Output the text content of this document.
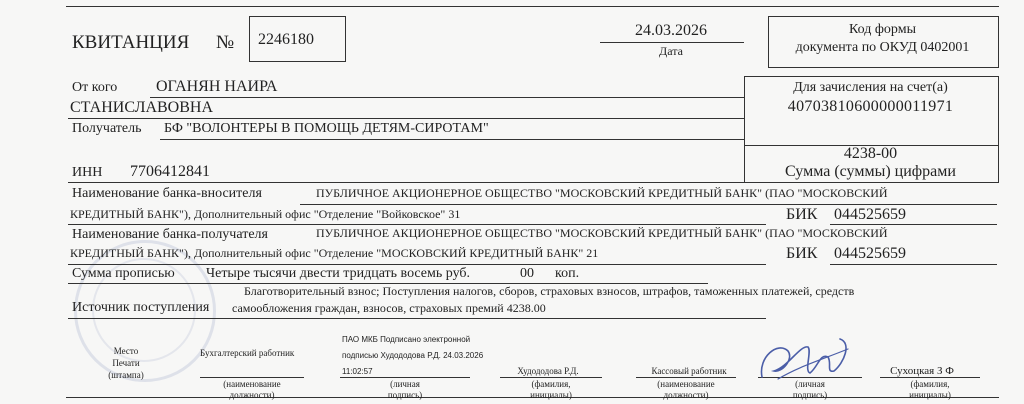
КВИТАНЦИЯ № 2246180
24.03.2026
Дата
Код формы
документа по ОКУД 0402001
От кого ОГАНЯН НАИРА
СТАНИСЛАВОВНА
Для зачисления на счет(а)
40703810600000011971
Получатель БФ "ВОЛОНТЕРЫ В ПОМОЩЬ ДЕТЯМ-СИРОТАМ"
ИНН 7706412841
4238-00
Сумма (суммы) цифрами
Наименование банка-вносителя	ПУБЛИЧНОЕ АКЦИОНЕРНОЕ ОБЩЕСТВО "МОСКОВСКИЙ КРЕДИТНЫЙ БАНК" (ПАО "МОСКОВСКИЙ
КРЕДИТНЫЙ БАНК"), Дополнительный офис "Отделение "Войковское" 31	БИК 044525659
Наименование банка-получателя	ПУБЛИЧНОЕ АКЦИОНЕРНОЕ ОБЩЕСТВО "МОСКОВСКИЙ КРЕДИТНЫЙ БАНК" (ПАО "МОСКОВСКИЙ
КРЕДИТНЫЙ БАНК"), Дополнительный офис "Отделение "МОСКОВСКИЙ КРЕДИТНЫЙ БАНК" 21	БИК 044525659
Сумма прописью Четыре тысячи двести тридцать восемь руб.	00 коп.
Благотворительный взнос; Поступления налогов, сборов, страховых взносов, штрафов, таможенных платежей, средств
Источник поступления самообложения граждан, взносов, страховых премий 4238.00
Место
Печати
(штампа)
Бухгалтерский работник
ПАО МКБ Подписано электронной
подписью Худододова Р.Д. 24.03.2026
11:02:57	Худододова Р.Д.	Кассовый работник	Сухоцкая З Ф
(наименование
должности)
(личная
подпись)
(фамилия,
инициалы)
(наименование
должности)
(личная
подпись)
(фамилия,
инициалы)
